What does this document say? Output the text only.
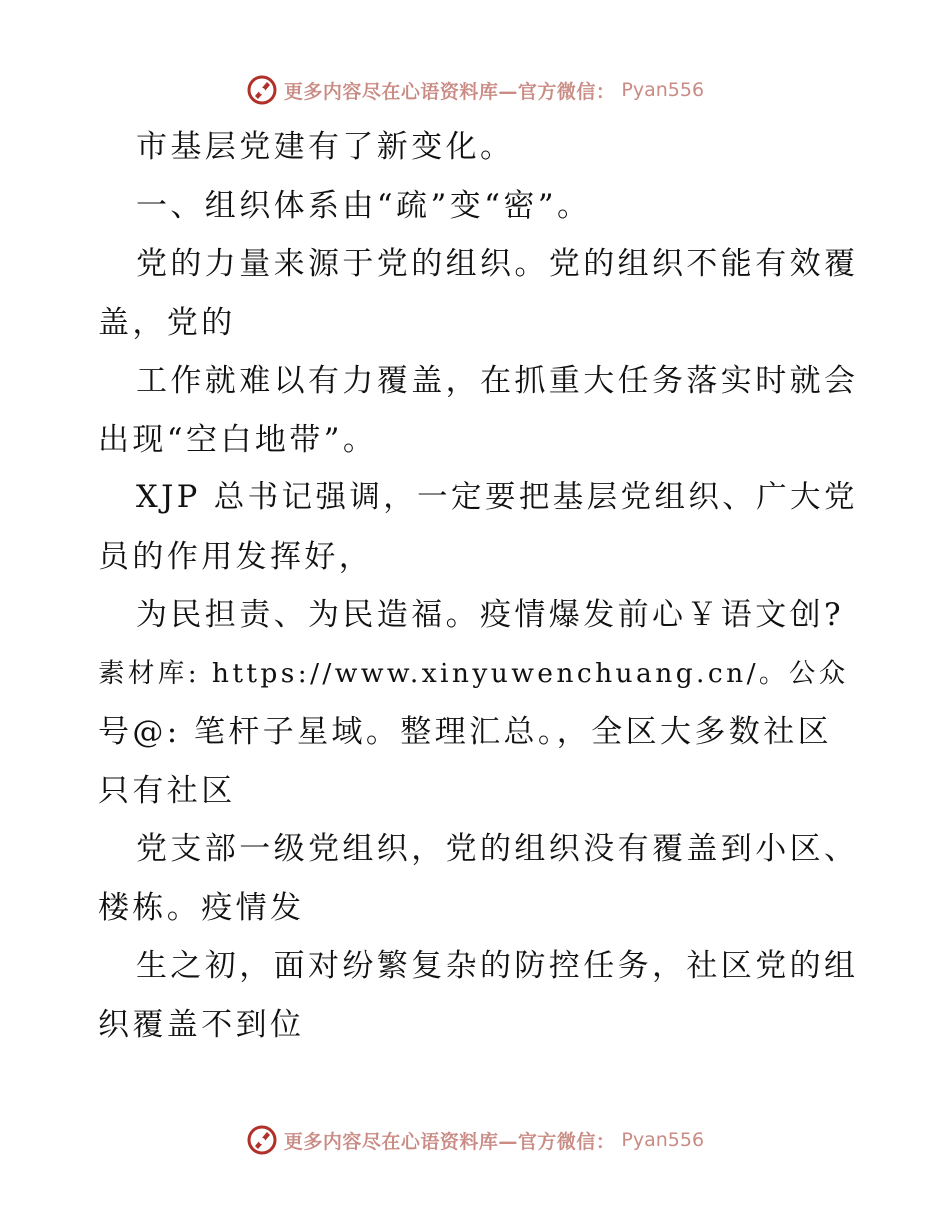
更多内容尽在心语资料库—官方微信： Pyan556
市基层党建有了新变化。
一、组织体系由“疏”变“密”。
党的力量来源于党的组织。党的组织不能有效覆
盖，党的
工作就难以有力覆盖，在抓重大任务落实时就会
出现“空白地带”。
XJP 总书记强调，一定要把基层党组织、广大党
员的作用发挥好，
为民担责、为民造福。疫情爆发前心￥语文创?
素材库: https://www.xinyuwenchuang.cn/。公众
号@: 笔杆子星域。整理汇总。，全区大多数社区
只有社区
党支部一级党组织，党的组织没有覆盖到小区、
楼栋。疫情发
生之初，面对纷繁复杂的防控任务，社区党的组
织覆盖不到位
更多内容尽在心语资料库—官方微信： Pyan556
